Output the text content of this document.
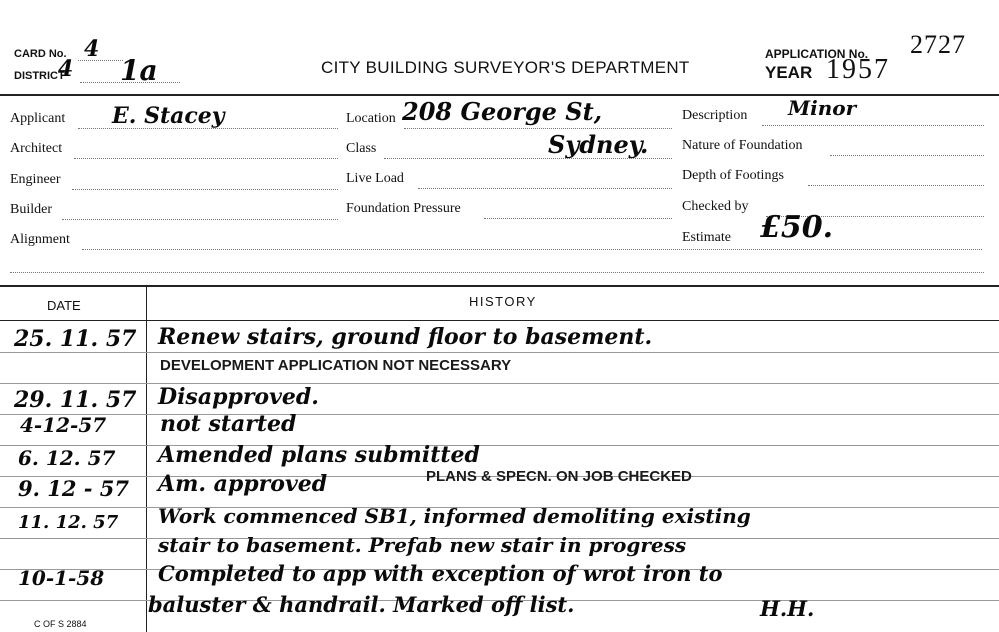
CARD No. 4
DISTRICT
4 1a	CITY BUILDING SURVEYOR'S DEPARTMENT
APPLICATION No. 2727
YEAR 1957
Applicant E. Stacey
Architect
Engineer
Builder
Alignment
Location 208 George St,
Sydney.
Class
Live Load
Foundation Pressure
Description Minor
Nature of Foundation
Depth of Footings
Checked by
Estimate £50.
DATE	HISTORY
25. 11. 57 Renew stairs, ground floor to basement.
DEVELOPMENT APPLICATION NOT NECESSARY
29. 11. 57 Disapproved.
4-12-57 not started
6. 12. 57 Amended plans submitted
9. 12 - 57 Am. approved	PLANS & SPECN. ON JOB CHECKED
11. 12. 57 Work commenced SB1, informed demoliting existing
stair to basement. Prefab new stair in progress
10-1-58	Completed to app with exception of wrot iron to
baluster & handrail. Marked off list.	H.H.
C OF S 2884
